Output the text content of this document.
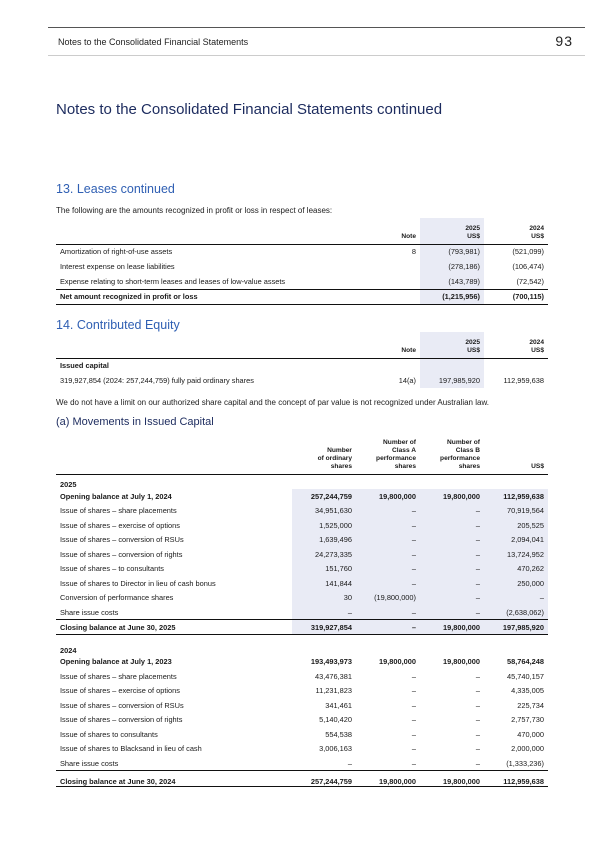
Notes to the Consolidated Financial Statements	93
Notes to the Consolidated Financial Statements continued
13. Leases continued
The following are the amounts recognized in profit or loss in respect of leases:
	Note	2025
US$	2024
US$
Amortization of right-of-use assets	8	(793,981)	(521,099)
Interest expense on lease liabilities		(278,186)	(106,474)
Expense relating to short-term leases and leases of low-value assets		(143,789)	(72,542)
Net amount recognized in profit or loss		(1,215,956)	(700,115)
14. Contributed Equity
	Note	2025
US$	2024
US$
Issued capital			
319,927,854 (2024: 257,244,759) fully paid ordinary shares	14(a)	197,985,920	112,959,638
We do not have a limit on our authorized share capital and the concept of par value is not recognized under Australian law.
(a) Movements in Issued Capital
	Number
of ordinary
shares	Number of
Class A
performance
shares	Number of
Class B
performance
shares	US$
2025				
Opening balance at July 1, 2024	257,244,759	19,800,000	19,800,000	112,959,638
Issue of shares – share placements	34,951,630	–	–	70,919,564
Issue of shares – exercise of options	1,525,000	–	–	205,525
Issue of shares – conversion of RSUs	1,639,496	–	–	2,094,041
Issue of shares – conversion of rights	24,273,335	–	–	13,724,952
Issue of shares – to consultants	151,760	–	–	470,262
Issue of shares to Director in lieu of cash bonus	141,844	–	–	250,000
Conversion of performance shares	30	(19,800,000)	–	–
Share issue costs	–	–	–	(2,638,062)
Closing balance at June 30, 2025	319,927,854	–	19,800,000	197,985,920
2024				
Opening balance at July 1, 2023	193,493,973	19,800,000	19,800,000	58,764,248
Issue of shares – share placements	43,476,381	–	–	45,740,157
Issue of shares – exercise of options	11,231,823	–	–	4,335,005
Issue of shares – conversion of RSUs	341,461	–	–	225,734
Issue of shares – conversion of rights	5,140,420	–	–	2,757,730
Issue of shares to consultants	554,538	–	–	470,000
Issue of shares to Blacksand in lieu of cash	3,006,163	–	–	2,000,000
Share issue costs	–	–	–	(1,333,236)
Closing balance at June 30, 2024	257,244,759	19,800,000	19,800,000	112,959,638
